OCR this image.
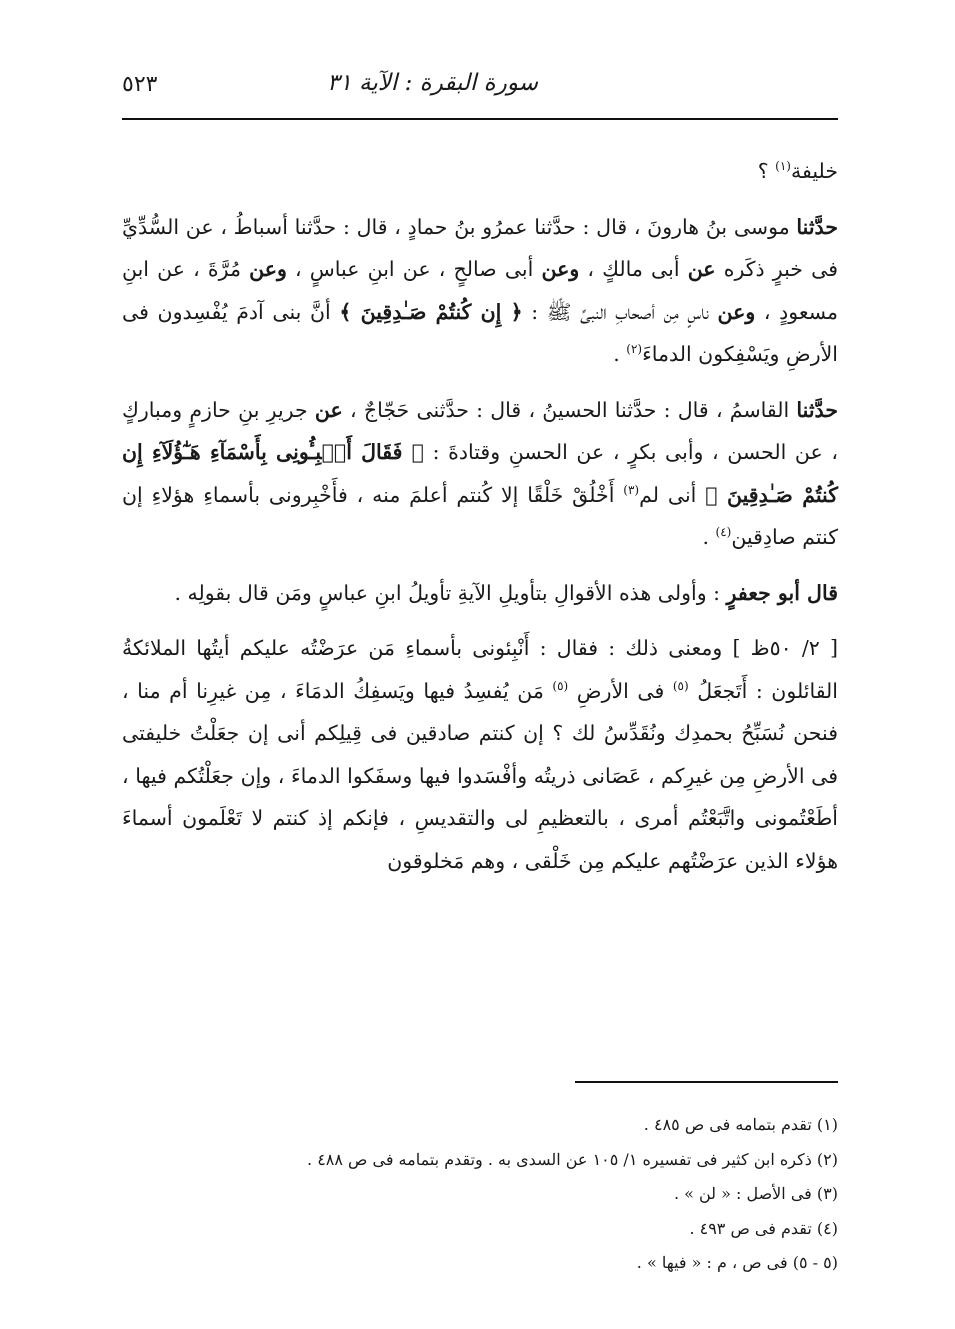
٥٢٣	سورة البقرة : الآية ٣١

خليفة$^{(١)}$ ؟

حدَّثنا موسى بنُ هارونَ ، قال : حدَّثنا عمرُو بنُ حمادٍ ، قال : حدَّثنا أسباطُ ، عن السُّدِّيِّ فى خبرٍ ذكَره عن أبى مالكٍ ، وعن أبى صالحٍ ، عن ابنِ عباسٍ ، وعن مُرَّةَ ، عن ابنِ مسعودٍ ، وعن ناسٍ مِن أصحابِ النبىِّ ﷺ : ﴿ إِن كُنتُمْ صَـٰدِقِينَ ﴾ أنَّ بنى آدمَ يُفْسِدون فى الأرضِ ويَسْفِكون الدماءَ$^{(٢)}$ .

حدَّثنا القاسمُ ، قال : حدَّثنا الحسينُ ، قال : حدَّثنى حَجّاجٌ ، عن جريرِ بنِ حازمٍ ومباركٍ ، عن الحسن ، وأبى بكرٍ ، عن الحسنِ وقتادةَ : ﴿ فَقَالَ أَنۢبِـُٔونِى بِأَسْمَآءِ هَـٰٓؤُلَآءِ إِن كُنتُمْ صَـٰدِقِينَ ﴾ أنى لم$^{(٣)}$ أَخْلُقْ خَلْقًا إلا كُنتم أعلمَ منه ، فأَخْبِرونى بأسماءِ هؤلاءِ إن كنتم صادِقين$^{(٤)}$ .

قال أبو جعفرٍ : وأولى هذه الأقوالِ بتأويلِ الآيةِ تأويلُ ابنِ عباسٍ ومَن قال بقولِه .

[ ٢/ ٥٠ظ ] ومعنى ذلك : فقال : أَنْبِئونى بأسماءِ مَن عرَضْتُه عليكم أيتُها الملائكةُ القائلون : أَتَجعَلُ $^{(٥)}$ فى الأرضِ $^{(٥)}$ مَن يُفسِدُ فيها ويَسفِكُ الدمَاءَ ، مِن غيرِنا أم منا ، فنحن نُسَبِّحُ بحمدِك ونُقَدِّسُ لك ؟ إن كنتم صادقين فى قِيلِكم أنى إن جعَلْتُ خليفتى فى الأرضِ مِن غيرِكم ، عَصَانى ذريتُه وأفْسَدوا فيها وسفَكوا الدماءَ ، وإن جعَلْتُكم فيها ، أطَعْتُمونى واتَّبَعْتُم أمرى ، بالتعظيمِ لى والتقديسِ ، فإنكم إذ كنتم لا تَعْلَمون أسماءَ هؤلاء الذين عرَضْتُهم عليكم مِن خَلْقى ، وهم مَخلوقون

(١) تقدم بتمامه فى ص ٤٨٥ .

(٢) ذكره ابن كثير فى تفسيره ١/ ١٠٥ عن السدى به . وتقدم بتمامه فى ص ٤٨٨ .

(٣) فى الأصل : « لن » .

(٤) تقدم فى ص ٤٩٣ .

(٥ - ٥) فى ص ، م : « فيها » .
